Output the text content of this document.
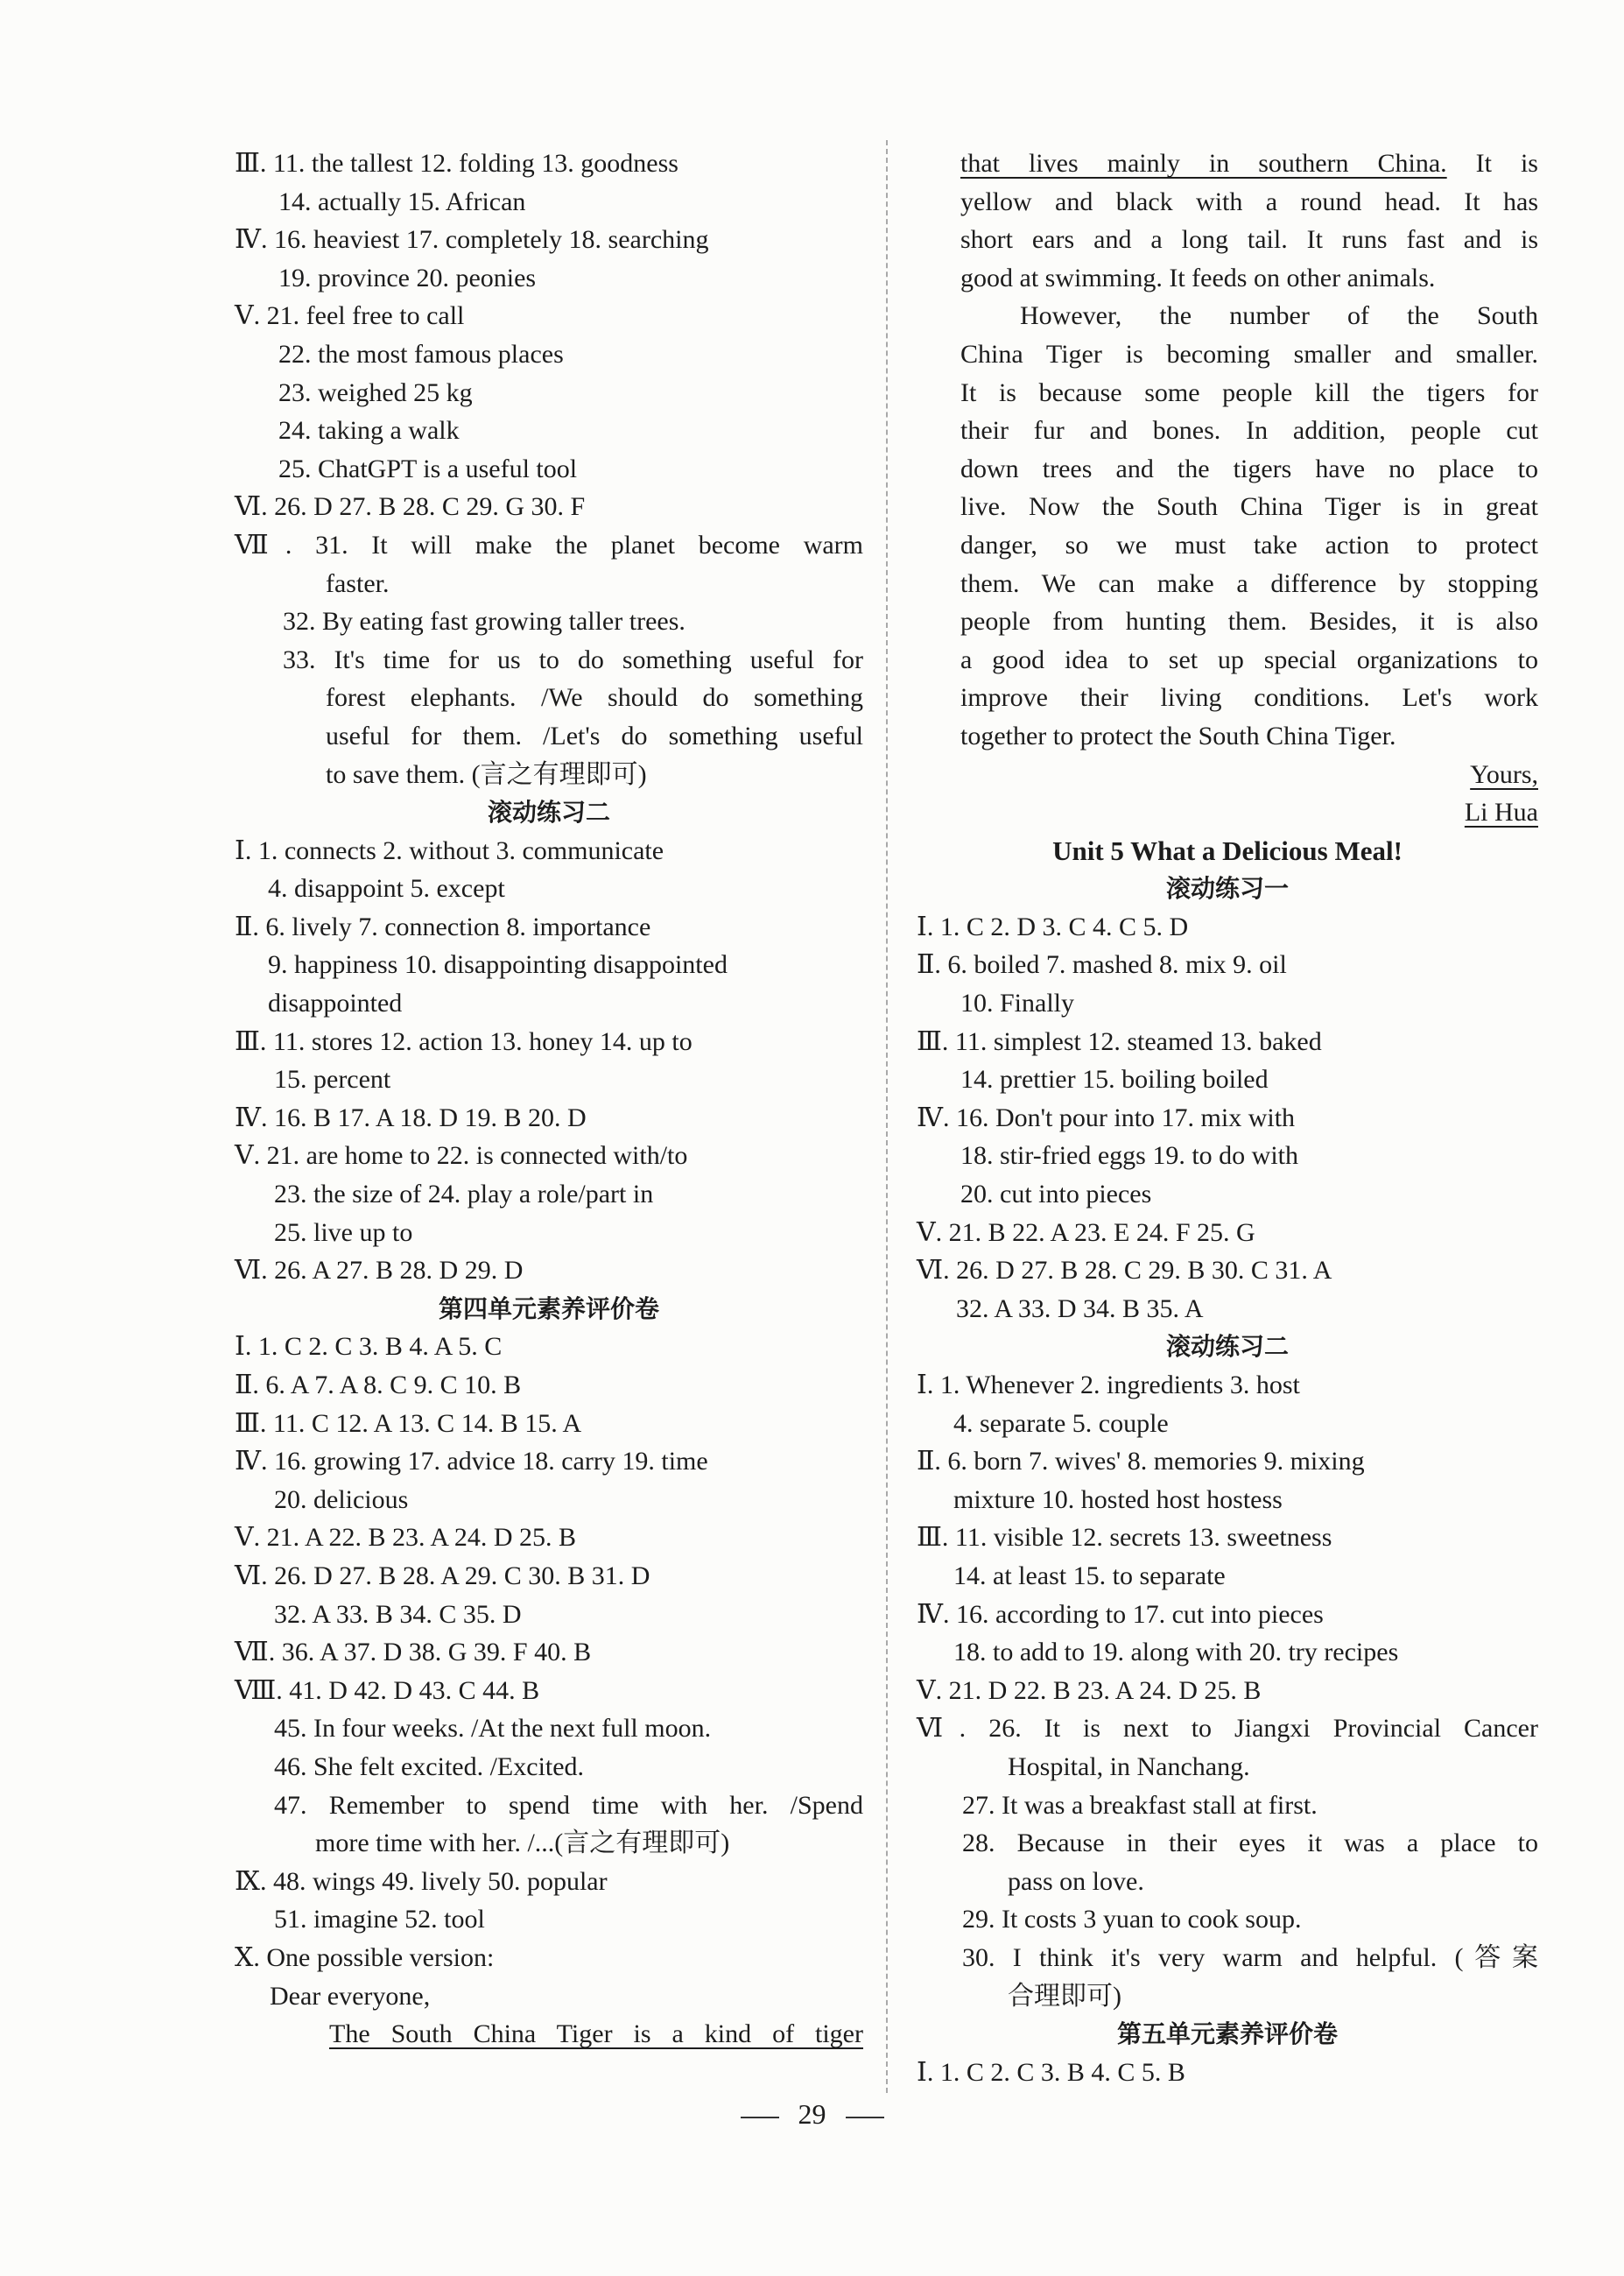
Ⅲ. 11. the tallest 12. folding 13. goodness
14. actually 15. African
Ⅳ. 16. heaviest 17. completely 18. searching
19. province 20. peonies
Ⅴ. 21. feel free to call
22. the most famous places
23. weighed 25 kg
24. taking a walk
25. ChatGPT is a useful tool
Ⅵ. 26. D 27. B 28. C 29. G 30. F
Ⅶ. 31. It will make the planet become warm
faster.
32. By eating fast growing taller trees.
33. It's time for us to do something useful for
forest elephants. /We should do something
useful for them. /Let's do something useful
to save them. (言之有理即可)
滚动练习二
Ⅰ. 1. connects 2. without 3. communicate
4. disappoint 5. except
Ⅱ. 6. lively 7. connection 8. importance
9. happiness 10. disappointing disappointed
disappointed
Ⅲ. 11. stores 12. action 13. honey 14. up to
15. percent
Ⅳ. 16. B 17. A 18. D 19. B 20. D
Ⅴ. 21. are home to 22. is connected with/to
23. the size of 24. play a role/part in
25. live up to
Ⅵ. 26. A 27. B 28. D 29. D
第四单元素养评价卷
Ⅰ. 1. C 2. C 3. B 4. A 5. C
Ⅱ. 6. A 7. A 8. C 9. C 10. B
Ⅲ. 11. C 12. A 13. C 14. B 15. A
Ⅳ. 16. growing 17. advice 18. carry 19. time
20. delicious
Ⅴ. 21. A 22. B 23. A 24. D 25. B
Ⅵ. 26. D 27. B 28. A 29. C 30. B 31. D
32. A 33. B 34. C 35. D
Ⅶ. 36. A 37. D 38. G 39. F 40. B
Ⅷ. 41. D 42. D 43. C 44. B
45. In four weeks. /At the next full moon.
46. She felt excited. /Excited.
47. Remember to spend time with her. /Spend
more time with her. /...(言之有理即可)
Ⅸ. 48. wings 49. lively 50. popular
51. imagine 52. tool
Ⅹ. One possible version:
Dear everyone,
The South China Tiger is a kind of tiger
that lives mainly in southern China. It is
yellow and black with a round head. It has
short ears and a long tail. It runs fast and is
good at swimming. It feeds on other animals.
However, the number of the South
China Tiger is becoming smaller and smaller.
It is because some people kill the tigers for
their fur and bones. In addition, people cut
down trees and the tigers have no place to
live. Now the South China Tiger is in great
danger, so we must take action to protect
them. We can make a difference by stopping
people from hunting them. Besides, it is also
a good idea to set up special organizations to
improve their living conditions. Let's work
together to protect the South China Tiger.
Yours,
Li Hua
Unit 5 What a Delicious Meal!
滚动练习一
Ⅰ. 1. C 2. D 3. C 4. C 5. D
Ⅱ. 6. boiled 7. mashed 8. mix 9. oil
10. Finally
Ⅲ. 11. simplest 12. steamed 13. baked
14. prettier 15. boiling boiled
Ⅳ. 16. Don't pour into 17. mix with
18. stir-fried eggs 19. to do with
20. cut into pieces
Ⅴ. 21. B 22. A 23. E 24. F 25. G
Ⅵ. 26. D 27. B 28. C 29. B 30. C 31. A
32. A 33. D 34. B 35. A
滚动练习二
Ⅰ. 1. Whenever 2. ingredients 3. host
4. separate 5. couple
Ⅱ. 6. born 7. wives' 8. memories 9. mixing
mixture 10. hosted host hostess
Ⅲ. 11. visible 12. secrets 13. sweetness
14. at least 15. to separate
Ⅳ. 16. according to 17. cut into pieces
18. to add to 19. along with 20. try recipes
Ⅴ. 21. D 22. B 23. A 24. D 25. B
Ⅵ. 26. It is next to Jiangxi Provincial Cancer
Hospital, in Nanchang.
27. It was a breakfast stall at first.
28. Because in their eyes it was a place to
pass on love.
29. It costs 3 yuan to cook soup.
30. I think it's very warm and helpful. (答案
合理即可)
第五单元素养评价卷
Ⅰ. 1. C 2. C 3. B 4. C 5. B
29
